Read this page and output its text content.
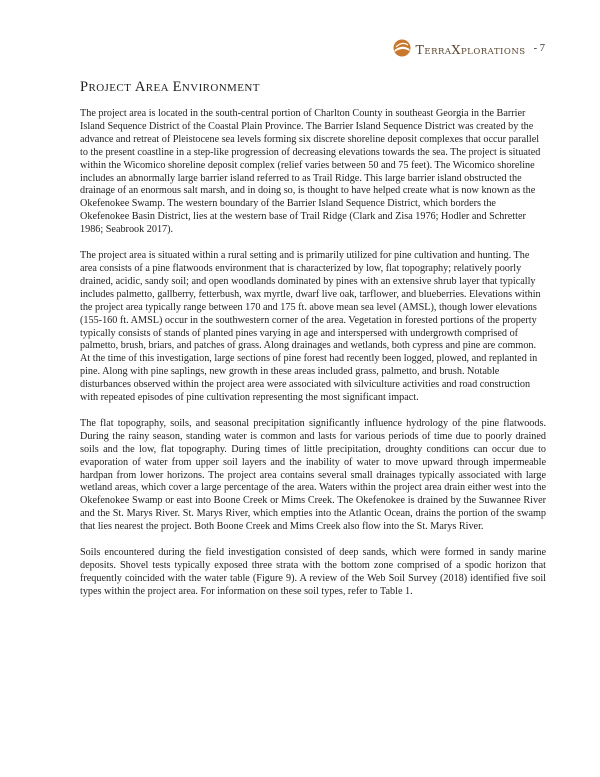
TERRAXPLORATIONS - 7
PROJECT AREA ENVIRONMENT

The project area is located in the south-central portion of Charlton County in southeast Georgia in the Barrier Island Sequence District of the Coastal Plain Province. The Barrier Island Sequence District was created by the advance and retreat of Pleistocene sea levels forming six discrete shoreline deposit complexes that occur parallel to the present coastline in a step-like progression of decreasing elevations towards the sea. The project is situated within the Wicomico shoreline deposit complex (relief varies between 50 and 75 feet). The Wicomico shoreline includes an abnormally large barrier island referred to as Trail Ridge. This large barrier island obstructed the drainage of an enormous salt marsh, and in doing so, is thought to have helped create what is now known as the Okefenokee Swamp. The western boundary of the Barrier Island Sequence District, which borders the Okefenokee Basin District, lies at the western base of Trail Ridge (Clark and Zisa 1976; Hodler and Schretter 1986; Seabrook 2017).

The project area is situated within a rural setting and is primarily utilized for pine cultivation and hunting. The area consists of a pine flatwoods environment that is characterized by low, flat topography; relatively poorly drained, acidic, sandy soil; and open woodlands dominated by pines with an extensive shrub layer that typically includes palmetto, gallberry, fetterbush, wax myrtle, dwarf live oak, tarflower, and blueberries. Elevations within the project area typically range between 170 and 175 ft. above mean sea level (AMSL), though lower elevations (155-160 ft. AMSL) occur in the southwestern corner of the area. Vegetation in forested portions of the property typically consists of stands of planted pines varying in age and interspersed with undergrowth comprised of palmetto, brush, briars, and patches of grass. Along drainages and wetlands, both cypress and pine are common. At the time of this investigation, large sections of pine forest had recently been logged, plowed, and replanted in pine. Along with pine saplings, new growth in these areas included grass, palmetto, and brush. Notable disturbances observed within the project area were associated with silviculture activities and road construction with repeated episodes of pine cultivation representing the most significant impact.

The flat topography, soils, and seasonal precipitation significantly influence hydrology of the pine flatwoods. During the rainy season, standing water is common and lasts for various periods of time due to poorly drained soils and the low, flat topography. During times of little precipitation, droughty conditions can occur due to evaporation of water from upper soil layers and the inability of water to move upward through impermeable hardpan from lower horizons. The project area contains several small drainages typically associated with large wetland areas, which cover a large percentage of the area. Waters within the project area drain either west into the Okefenokee Swamp or east into Boone Creek or Mims Creek. The Okefenokee is drained by the Suwannee River and the St. Marys River. St. Marys River, which empties into the Atlantic Ocean, drains the portion of the swamp that lies nearest the project. Both Boone Creek and Mims Creek also flow into the St. Marys River.

Soils encountered during the field investigation consisted of deep sands, which were formed in sandy marine deposits. Shovel tests typically exposed three strata with the bottom zone comprised of a spodic horizon that frequently coincided with the water table (Figure 9). A review of the Web Soil Survey (2018) identified five soil types within the project area. For information on these soil types, refer to Table 1.
